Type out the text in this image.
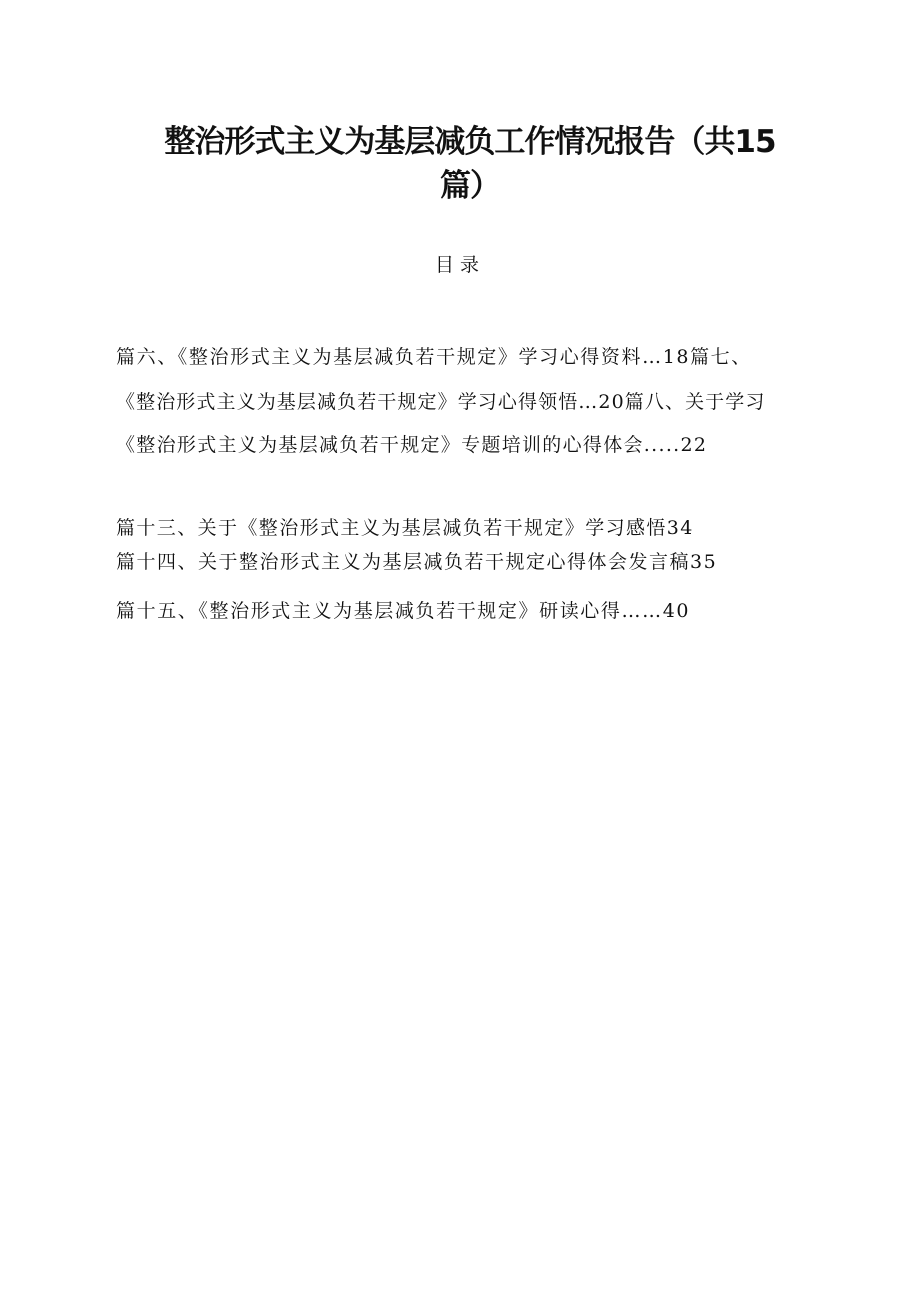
整治形式主义为基层减负工作情况报告（共15
篇）
目录
篇六、《整治形式主义为基层减负若干规定》学习心得资料…18篇七、
《整治形式主义为基层减负若干规定》学习心得领悟…20篇八、关于学习
《整治形式主义为基层减负若干规定》专题培训的心得体会.....22
篇十三、关于《整治形式主义为基层减负若干规定》学习感悟34
篇十四、关于整治形式主义为基层减负若干规定心得体会发言稿35
篇十五、《整治形式主义为基层减负若干规定》研读心得……40
